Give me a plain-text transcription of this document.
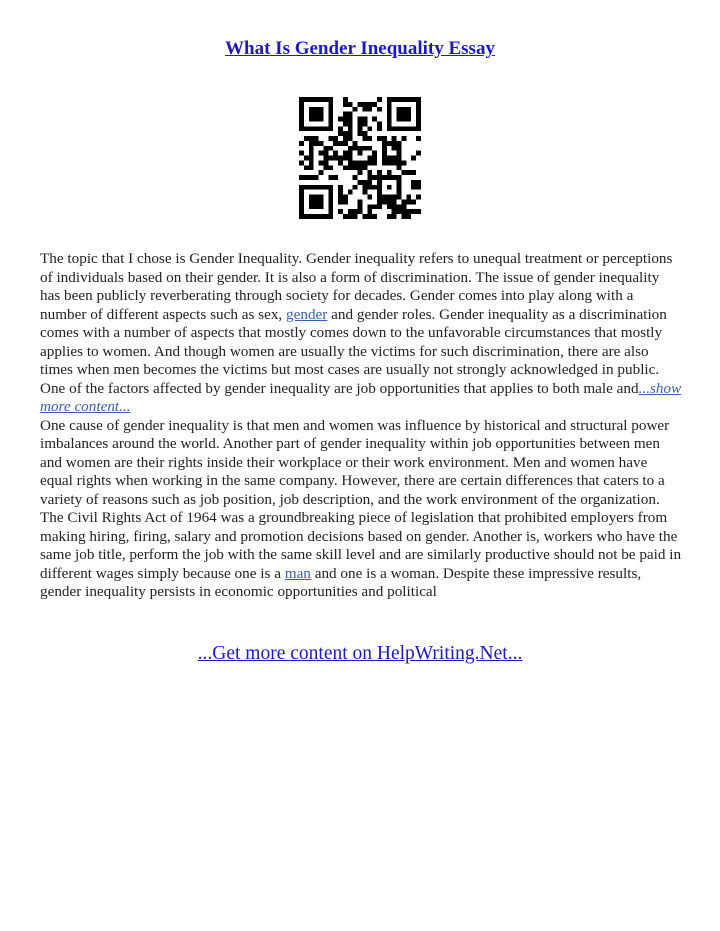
What Is Gender Inequality Essay

The topic that I chose is Gender Inequality. Gender inequality refers to unequal treatment or perceptions of individuals based on their gender. It is also a form of discrimination. The issue of gender inequality has been publicly reverberating through society for decades. Gender comes into play along with a number of different aspects such as sex, gender and gender roles. Gender inequality as a discrimination comes with a number of aspects that mostly comes down to the unfavorable circumstances that mostly applies to women. And though women are usually the victims for such discrimination, there are also times when men becomes the victims but most cases are usually not strongly acknowledged in public. One of the factors affected by gender inequality are job opportunities that applies to both male and...show more content...

One cause of gender inequality is that men and women was influence by historical and structural power imbalances around the world. Another part of gender inequality within job opportunities between men and women are their rights inside their workplace or their work environment. Men and women have equal rights when working in the same company. However, there are certain differences that caters to a variety of reasons such as job position, job description, and the work environment of the organization. The Civil Rights Act of 1964 was a groundbreaking piece of legislation that prohibited employers from making hiring, firing, salary and promotion decisions based on gender. Another is, workers who have the same job title, perform the job with the same skill level and are similarly productive should not be paid in different wages simply because one is a man and one is a woman. Despite these impressive results, gender inequality persists in economic opportunities and political

...Get more content on HelpWriting.Net...
